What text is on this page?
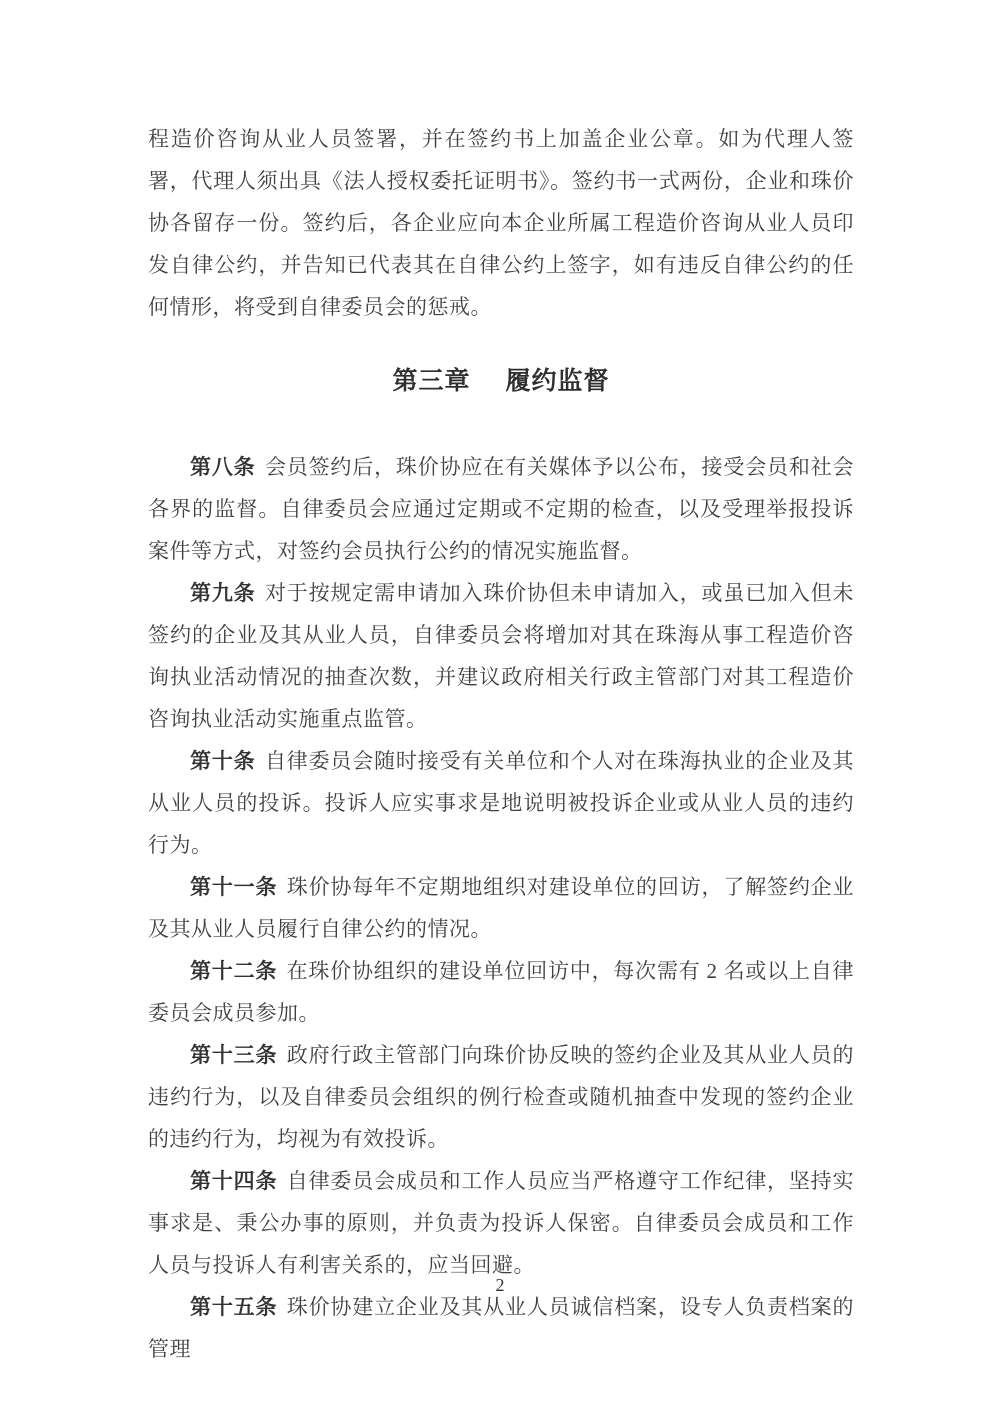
程造价咨询从业人员签署，并在签约书上加盖企业公章。如为代理人签署，代理人须出具《法人授权委托证明书》。签约书一式两份，企业和珠价协各留存一份。签约后，各企业应向本企业所属工程造价咨询从业人员印发自律公约，并告知已代表其在自律公约上签字，如有违反自律公约的任何情形，将受到自律委员会的惩戒。

第三章 履约监督

第八条 会员签约后，珠价协应在有关媒体予以公布，接受会员和社会各界的监督。自律委员会应通过定期或不定期的检查，以及受理举报投诉案件等方式，对签约会员执行公约的情况实施监督。

第九条 对于按规定需申请加入珠价协但未申请加入，或虽已加入但未签约的企业及其从业人员，自律委员会将增加对其在珠海从事工程造价咨询执业活动情况的抽查次数，并建议政府相关行政主管部门对其工程造价咨询执业活动实施重点监管。

第十条 自律委员会随时接受有关单位和个人对在珠海执业的企业及其从业人员的投诉。投诉人应实事求是地说明被投诉企业或从业人员的违约行为。

第十一条 珠价协每年不定期地组织对建设单位的回访，了解签约企业及其从业人员履行自律公约的情况。

第十二条 在珠价协组织的建设单位回访中，每次需有 2 名或以上自律委员会成员参加。

第十三条 政府行政主管部门向珠价协反映的签约企业及其从业人员的违约行为，以及自律委员会组织的例行检查或随机抽查中发现的签约企业的违约行为，均视为有效投诉。

第十四条 自律委员会成员和工作人员应当严格遵守工作纪律，坚持实事求是、秉公办事的原则，并负责为投诉人保密。自律委员会成员和工作人员与投诉人有利害关系的，应当回避。

第十五条 珠价协建立企业及其从业人员诚信档案，设专人负责档案的管理

2
